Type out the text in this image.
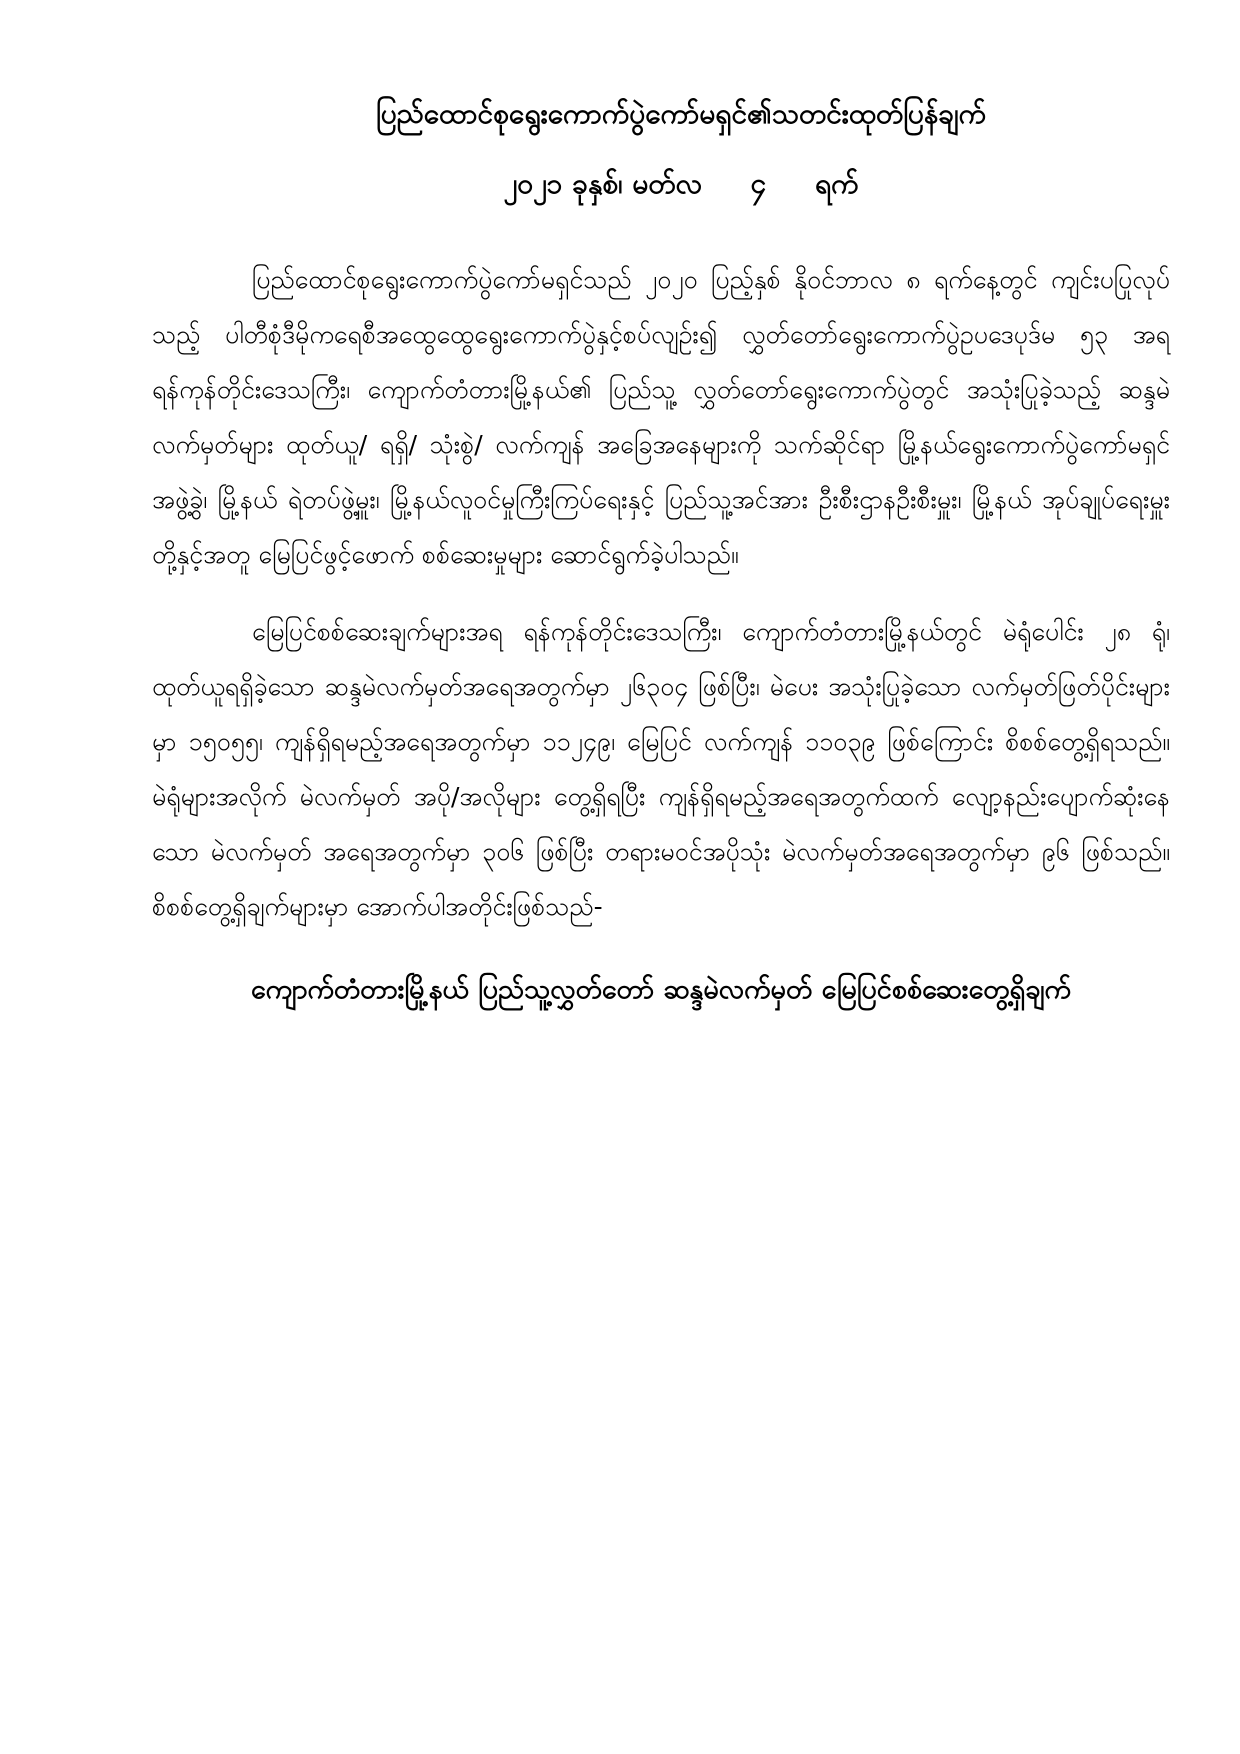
ပြည်ထောင်စုရွေးကောက်ပွဲကော်မရှင်၏သတင်းထုတ်ပြန်ချက်
၂၀၂၁ ခုနှစ်၊ မတ်လ     ၄     ရက်

ပြည်ထောင်စုရွေးကောက်ပွဲကော်မရှင်သည် ၂၀၂၀ ပြည့်နှစ် နိုဝင်ဘာလ ၈ ရက်နေ့တွင် ကျင်းပပြုလုပ်သည့် ပါတီစုံဒီမိုကရေစီအထွေထွေရွေးကောက်ပွဲနှင့်စပ်လျဉ်း၍ လွှတ်တော်ရွေးကောက်ပွဲဥပဒေပုဒ်မ ၅၃ အရ ရန်ကုန်တိုင်းဒေသကြီး၊ ကျောက်တံတားမြို့နယ်၏ ပြည်သူ့ လွှတ်တော်ရွေးကောက်ပွဲတွင် အသုံးပြုခဲ့သည့် ဆန္ဒမဲလက်မှတ်များ ထုတ်ယူ/ ရရှိ/ သုံးစွဲ/ လက်ကျန် အခြေအနေများကို သက်ဆိုင်ရာ မြို့နယ်ရွေးကောက်ပွဲကော်မရှင်အဖွဲ့ခွဲ၊ မြို့နယ် ရဲတပ်ဖွဲ့မှူး၊ မြို့နယ်လူဝင်မှုကြီးကြပ်ရေးနှင့် ပြည်သူ့အင်အား ဦးစီးဌာနဦးစီးမှူး၊ မြို့နယ် အုပ်ချုပ်ရေးမှူး တို့နှင့်အတူ မြေပြင်ဖွင့်ဖောက် စစ်ဆေးမှုများ ဆောင်ရွက်ခဲ့ပါသည်။

မြေပြင်စစ်ဆေးချက်များအရ ရန်ကုန်တိုင်းဒေသကြီး၊ ကျောက်တံတားမြို့နယ်တွင် မဲရုံပေါင်း ၂၈ ရုံ၊ ထုတ်ယူရရှိခဲ့သော ဆန္ဒမဲလက်မှတ်အရေအတွက်မှာ ၂၆၃၀၄ ဖြစ်ပြီး၊ မဲပေး အသုံးပြုခဲ့သော လက်မှတ်ဖြတ်ပိုင်းများမှာ ၁၅၀၅၅၊ ကျန်ရှိရမည့်အရေအတွက်မှာ ၁၁၂၄၉၊ မြေပြင် လက်ကျန် ၁၁၀၃၉ ဖြစ်ကြောင်း စိစစ်တွေ့ရှိရသည်။ မဲရုံများအလိုက် မဲလက်မှတ် အပို/အလိုများ တွေ့ရှိရပြီး ကျန်ရှိရမည့်အရေအတွက်ထက် လျော့နည်းပျောက်ဆုံးနေသော မဲလက်မှတ် အရေအတွက်မှာ ၃၀၆ ဖြစ်ပြီး တရားမဝင်အပိုသုံး မဲလက်မှတ်အရေအတွက်မှာ ၉၆ ဖြစ်သည်။ စိစစ်တွေ့ရှိချက်များမှာ အောက်ပါအတိုင်းဖြစ်သည်-

ကျောက်တံတားမြို့နယ် ပြည်သူ့လွှတ်တော် ဆန္ဒမဲလက်မှတ် မြေပြင်စစ်ဆေးတွေ့ရှိချက်
